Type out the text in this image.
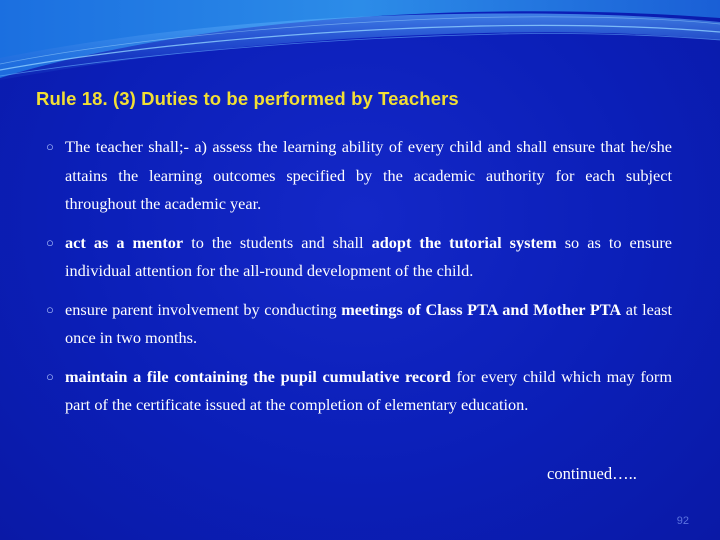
Rule 18. (3) Duties to be performed by Teachers

○ The teacher shall;- a) assess the learning ability of every child and shall ensure that he/she attains the learning outcomes specified by the academic authority for each subject throughout the academic year.

○ act as a mentor to the students and shall adopt the tutorial system so as to ensure individual attention for the all-round development of the child.

○ ensure parent involvement by conducting meetings of Class PTA and Mother PTA at least once in two months.

○ maintain a file containing the pupil cumulative record for every child which may form part of the certificate issued at the completion of elementary education.

continued…..
92
